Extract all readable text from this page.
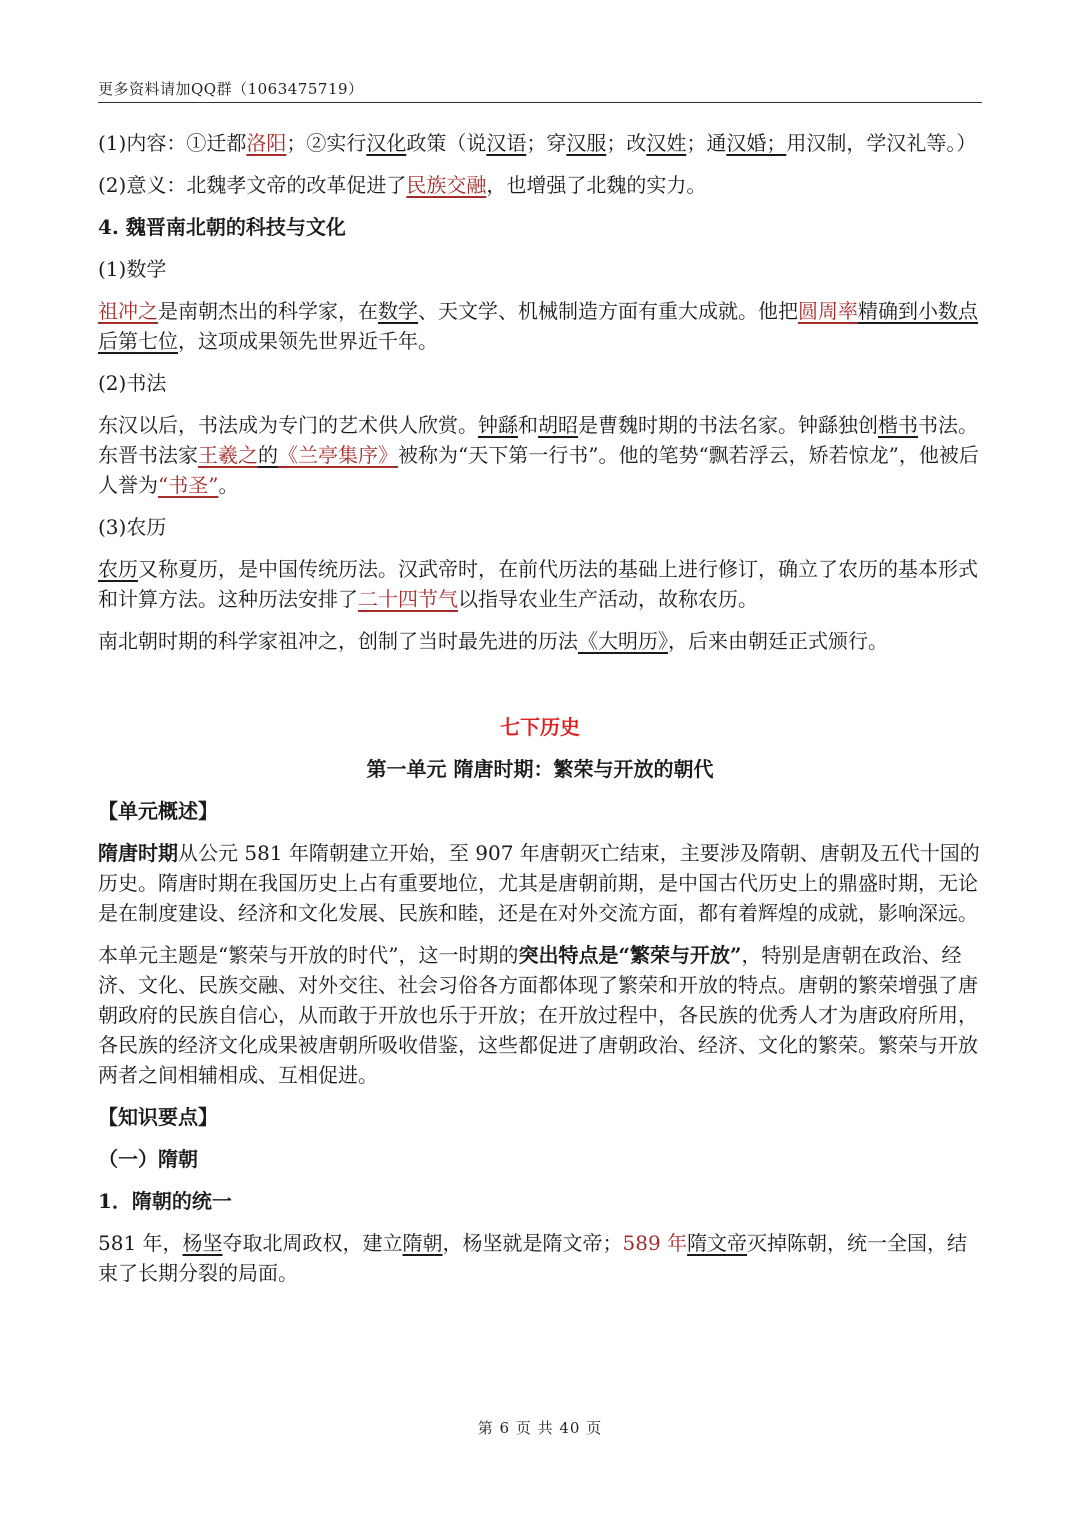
更多资料请加QQ群（1063475719）

(1)内容：①迁都洛阳；②实行汉化政策（说汉语；穿汉服；改汉姓；通汉婚；用汉制，学汉礼等。）

(2)意义：北魏孝文帝的改革促进了民族交融，也增强了北魏的实力。

4. 魏晋南北朝的科技与文化

(1)数学

祖冲之是南朝杰出的科学家，在数学、天文学、机械制造方面有重大成就。他把圆周率精确到小数点后第七位，这项成果领先世界近千年。

(2)书法

东汉以后，书法成为专门的艺术供人欣赏。钟繇和胡昭是曹魏时期的书法名家。钟繇独创楷书书法。东晋书法家王羲之的《兰亭集序》被称为“天下第一行书”。他的笔势“飘若浮云，矫若惊龙”，他被后人誉为“书圣”。

(3)农历

农历又称夏历，是中国传统历法。汉武帝时，在前代历法的基础上进行修订，确立了农历的基本形式和计算方法。这种历法安排了二十四节气以指导农业生产活动，故称农历。

南北朝时期的科学家祖冲之，创制了当时最先进的历法《大明历》，后来由朝廷正式颁行。

七下历史

第一单元 隋唐时期：繁荣与开放的朝代

【单元概述】

隋唐时期从公元 581 年隋朝建立开始，至 907 年唐朝灭亡结束，主要涉及隋朝、唐朝及五代十国的历史。隋唐时期在我国历史上占有重要地位，尤其是唐朝前期，是中国古代历史上的鼎盛时期，无论是在制度建设、经济和文化发展、民族和睦，还是在对外交流方面，都有着辉煌的成就，影响深远。

本单元主题是“繁荣与开放的时代”，这一时期的突出特点是“繁荣与开放”，特别是唐朝在政治、经济、文化、民族交融、对外交往、社会习俗各方面都体现了繁荣和开放的特点。唐朝的繁荣增强了唐朝政府的民族自信心，从而敢于开放也乐于开放；在开放过程中，各民族的优秀人才为唐政府所用，各民族的经济文化成果被唐朝所吸收借鉴，这些都促进了唐朝政治、经济、文化的繁荣。繁荣与开放两者之间相辅相成、互相促进。

【知识要点】

（一）隋朝

1．隋朝的统一

581 年，杨坚夺取北周政权，建立隋朝，杨坚就是隋文帝；589 年隋文帝灭掉陈朝，统一全国，结束了长期分裂的局面。

第 6 页 共 40 页
